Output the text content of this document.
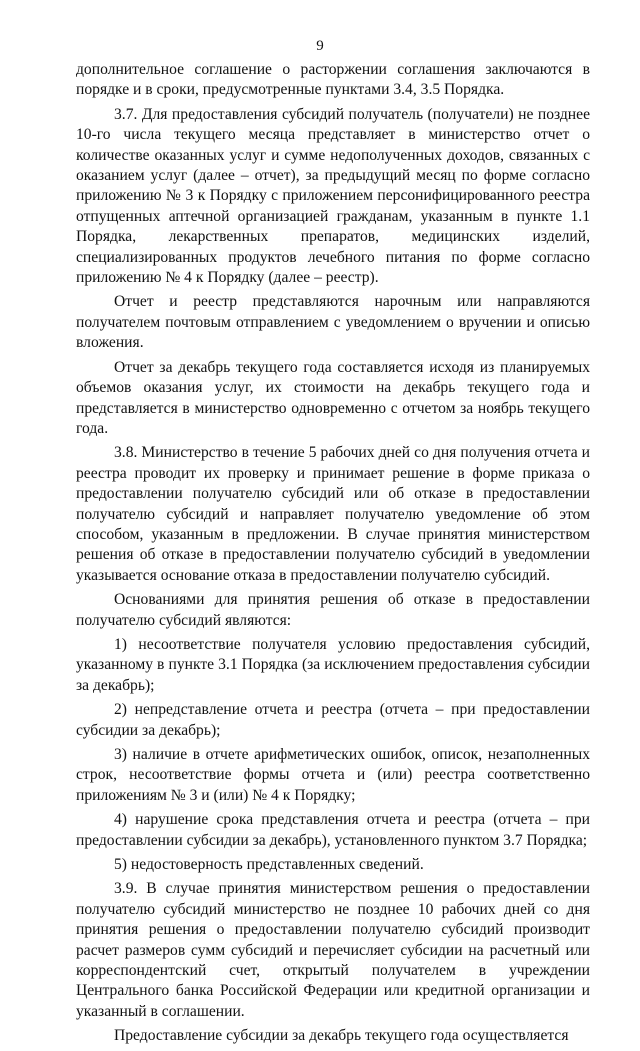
9

дополнительное соглашение о расторжении соглашения заключаются в порядке и в сроки, предусмотренные пунктами 3.4, 3.5 Порядка.

3.7. Для предоставления субсидий получатель (получатели) не позднее 10-го числа текущего месяца представляет в министерство отчет о количестве оказанных услуг и сумме недополученных доходов, связанных с оказанием услуг (далее – отчет), за предыдущий месяц по форме согласно приложению № 3 к Порядку с приложением персонифицированного реестра отпущенных аптечной организацией гражданам, указанным в пункте 1.1 Порядка, лекарственных препаратов, медицинских изделий, специализированных продуктов лечебного питания по форме согласно приложению № 4 к Порядку (далее – реестр).

Отчет и реестр представляются нарочным или направляются получателем почтовым отправлением с уведомлением о вручении и описью вложения.

Отчет за декабрь текущего года составляется исходя из планируемых объемов оказания услуг, их стоимости на декабрь текущего года и представляется в министерство одновременно с отчетом за ноябрь текущего года.

3.8. Министерство в течение 5 рабочих дней со дня получения отчета и реестра проводит их проверку и принимает решение в форме приказа о предоставлении получателю субсидий или об отказе в предоставлении получателю субсидий и направляет получателю уведомление об этом способом, указанным в предложении. В случае принятия министерством решения об отказе в предоставлении получателю субсидий в уведомлении указывается основание отказа в предоставлении получателю субсидий.

Основаниями для принятия решения об отказе в предоставлении получателю субсидий являются:

1) несоответствие получателя условию предоставления субсидий, указанному в пункте 3.1 Порядка (за исключением предоставления субсидии за декабрь);

2) непредставление отчета и реестра (отчета – при предоставлении субсидии за декабрь);

3) наличие в отчете арифметических ошибок, описок, незаполненных строк, несоответствие формы отчета и (или) реестра соответственно приложениям № 3 и (или) № 4 к Порядку;

4) нарушение срока представления отчета и реестра (отчета – при предоставлении субсидии за декабрь), установленного пунктом 3.7 Порядка;

5) недостоверность представленных сведений.

3.9. В случае принятия министерством решения о предоставлении получателю субсидий министерство не позднее 10 рабочих дней со дня принятия решения о предоставлении получателю субсидий производит расчет размеров сумм субсидий и перечисляет субсидии на расчетный или корреспондентский счет, открытый получателем в учреждении Центрального банка Российской Федерации или кредитной организации и указанный в соглашении.

Предоставление субсидии за декабрь текущего года осуществляется
